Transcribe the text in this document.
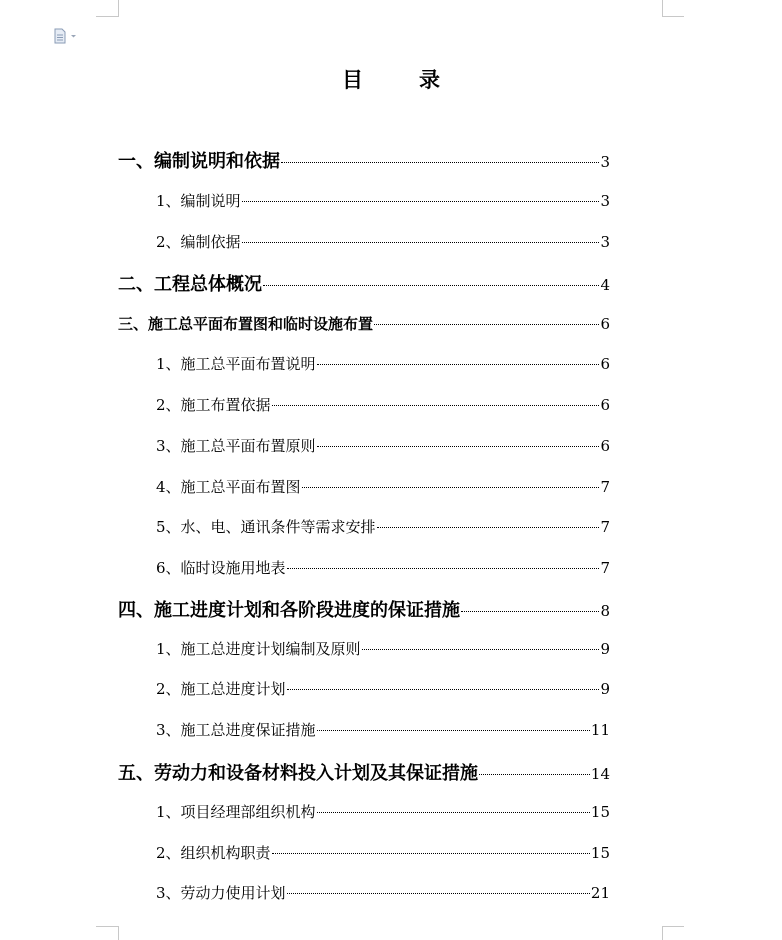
目	录
一、编制说明和依据	3
1、编制说明	3
2、编制依据	3
二、工程总体概况	4
三、施工总平面布置图和临时设施布置	6
1、施工总平面布置说明	6
2、施工布置依据	6
3、施工总平面布置原则	6
4、施工总平面布置图	7
5、水、电、通讯条件等需求安排	7
6、临时设施用地表	7
四、施工进度计划和各阶段进度的保证措施	8
1、施工总进度计划编制及原则	9
2、施工总进度计划	9
3、施工总进度保证措施	11
五、劳动力和设备材料投入计划及其保证措施	14
1、项目经理部组织机构	15
2、组织机构职责	15
3、劳动力使用计划	21
